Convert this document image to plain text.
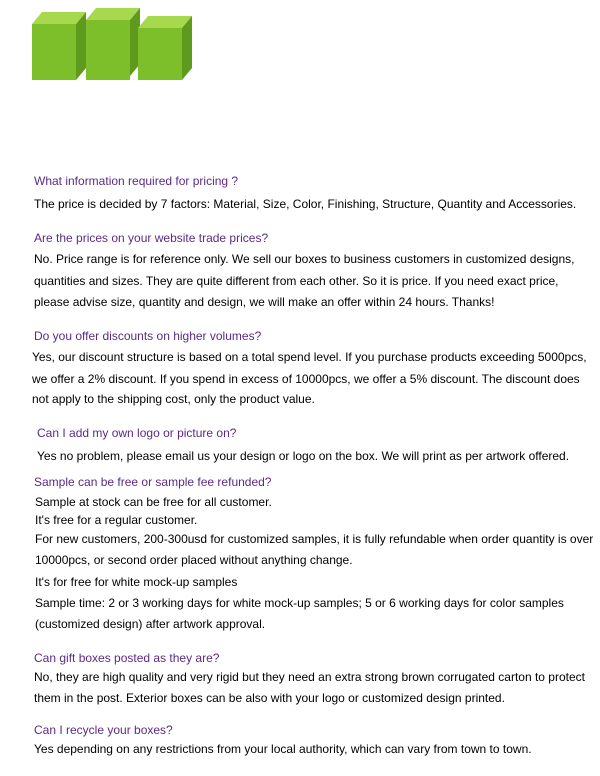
What information required for pricing ?
The price is decided by 7 factors: Material, Size, Color, Finishing, Structure, Quantity and Accessories.
Are the prices on your website trade prices?
No. Price range is for reference only. We sell our boxes to business customers in customized designs,
quantities and sizes. They are quite different from each other. So it is price. If you need exact price,
please advise size, quantity and design, we will make an offer within 24 hours. Thanks!
Do you offer discounts on higher volumes?
Yes, our discount structure is based on a total spend level. If you purchase products exceeding 5000pcs,
we offer a 2% discount. If you spend in excess of 10000pcs, we offer a 5% discount. The discount does
not apply to the shipping cost, only the product value.
Can I add my own logo or picture on?
Yes no problem, please email us your design or logo on the box. We will print as per artwork offered.
Sample can be free or sample fee refunded?
Sample at stock can be free for all customer.
It's free for a regular customer.
For new customers, 200-300usd for customized samples, it is fully refundable when order quantity is over
10000pcs, or second order placed without anything change.
It's for free for white mock-up samples
Sample time: 2 or 3 working days for white mock-up samples; 5 or 6 working days for color samples
(customized design) after artwork approval.
Can gift boxes posted as they are?
No, they are high quality and very rigid but they need an extra strong brown corrugated carton to protect
them in the post. Exterior boxes can be also with your logo or customized design printed.
Can I recycle your boxes?
Yes depending on any restrictions from your local authority, which can vary from town to town.
